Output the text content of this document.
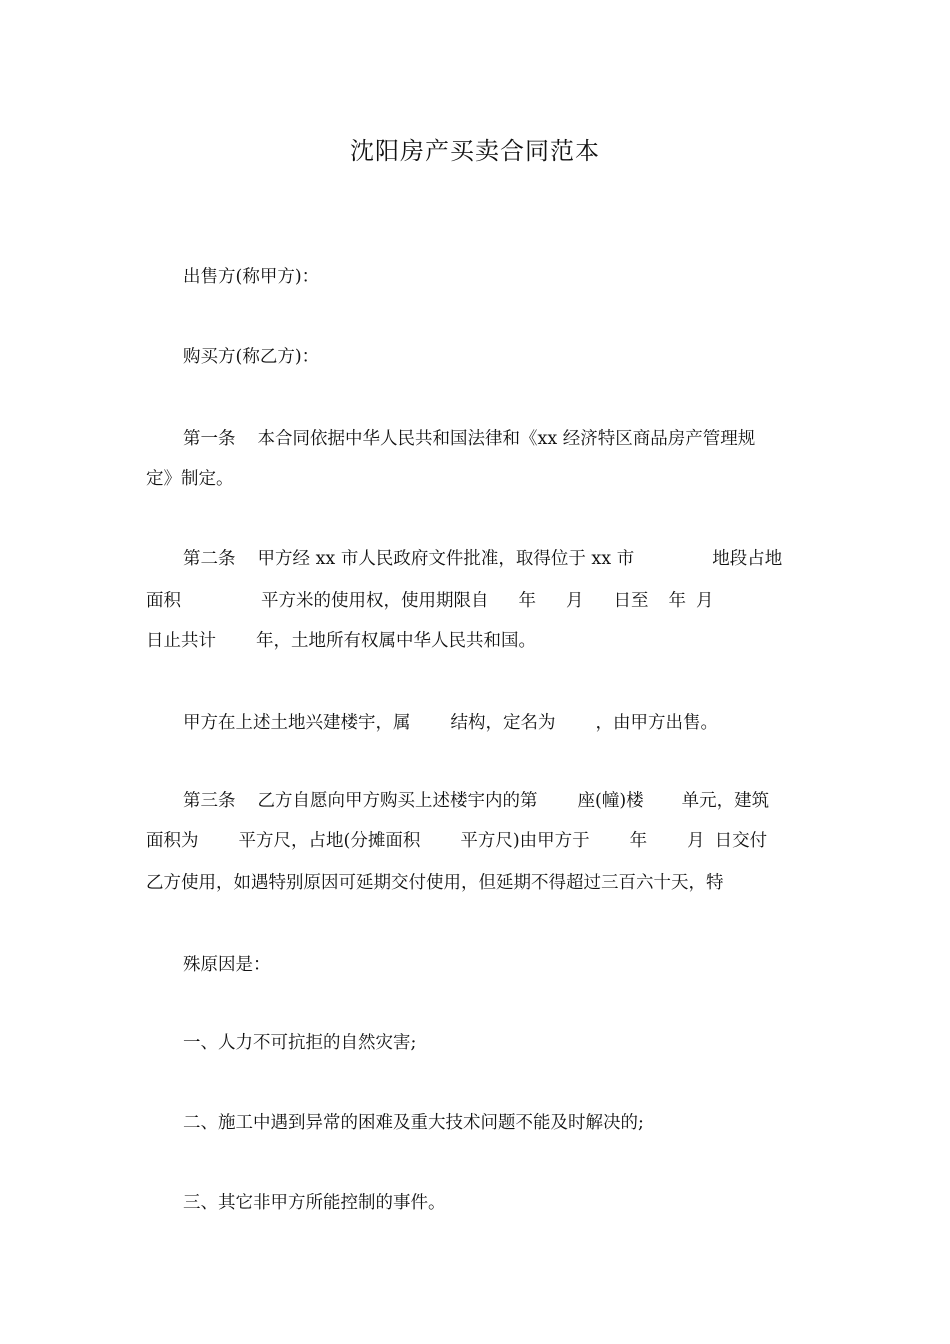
沈阳房产买卖合同范本
出售方(称甲方)：
购买方(称乙方)：
第一条 本合同依据中华人民共和国法律和《xx 经济特区商品房产管理规
定》制定。
第二条 甲方经 xx 市人民政府文件批准，取得位于 xx 市	地段占地
面积	平方米的使用权，使用期限自 年 月 日至 年 月
日止共计 年，土地所有权属中华人民共和国。
甲方在上述土地兴建楼宇，属 结构，定名为 ，由甲方出售。
第三条 乙方自愿向甲方购买上述楼宇内的第 座(幢)楼 单元，建筑
面积为 平方尺，占地(分摊面积 平方尺)由甲方于 年 月 日交付
乙方使用，如遇特别原因可延期交付使用，但延期不得超过三百六十天，特
殊原因是：
一、人力不可抗拒的自然灾害;
二、施工中遇到异常的困难及重大技术问题不能及时解决的;
三、其它非甲方所能控制的事件。
